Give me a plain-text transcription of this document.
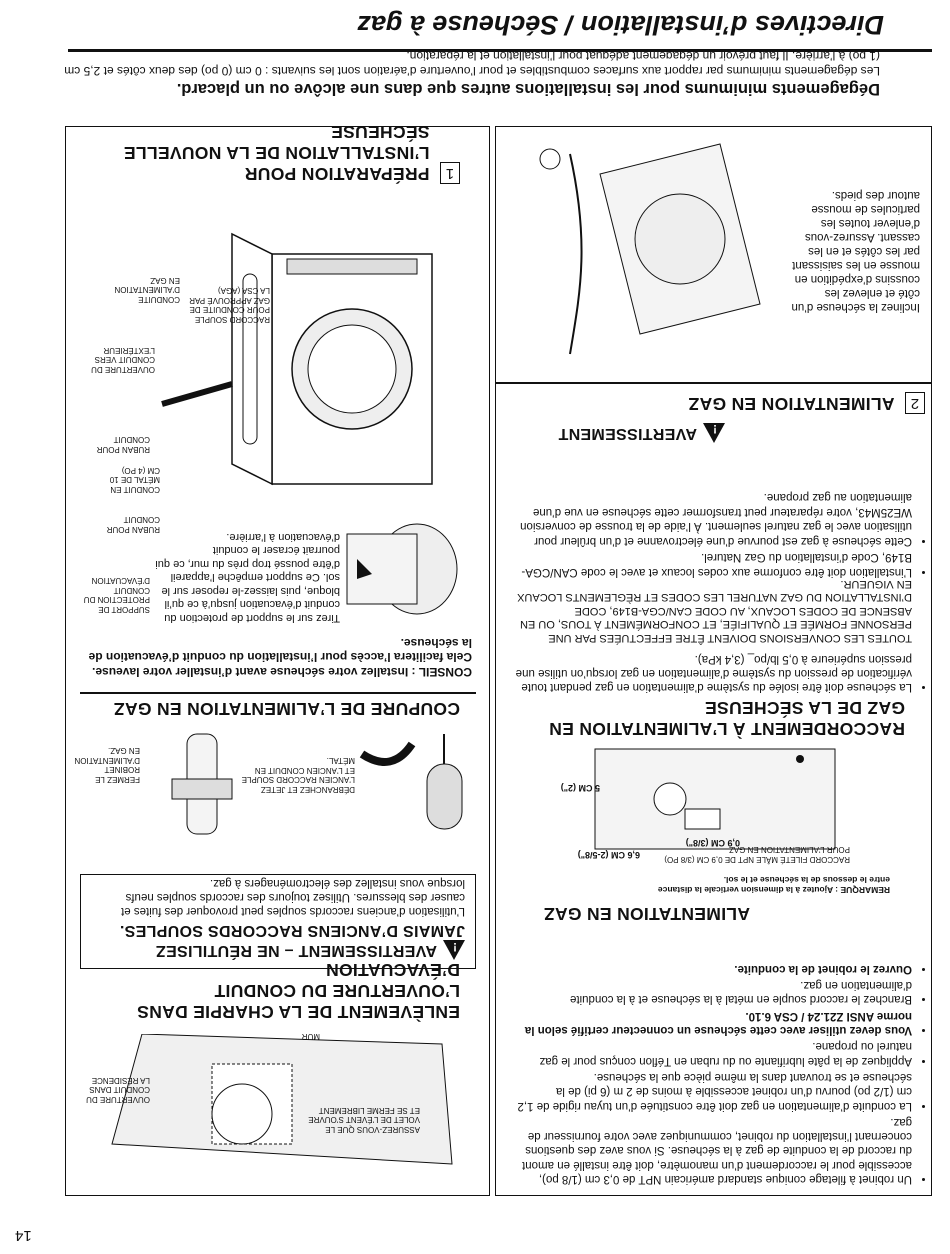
14
Directives d’installation / Sécheuse à gaz
Dégagements minimums pour les installations autres que dans une alcôve ou un placard.
Les dégagements minimums par rapport aux surfaces combustibles et pour l’ouverture d’aération sont les suivants : 0 cm (0 po) des deux côtés et 2,5 cm (1 po) à l’arrière. Il faut prévoir un dégagement adéquat pour l’installation et la réparation.
1 PRÉPARATION POUR L’INSTALLATION DE LA NOUVELLE SÉCHEUSE
OUVERTURE DU CONDUIT VERS L’EXTÉRIEUR
RACCORD SOUPLE POUR CONDUITE DE GAZ APPROUVÉ PAR LA CSA (AGA)
CONDUITE D’ALIMENTATION EN GAZ
RUBAN POUR CONDUIT
CONDUIT EN MÉTAL DE 10 CM (4 PO)
RUBAN POUR CONDUIT
Tirez sur le support de protection du conduit d’évacuation jusqu’à ce qu’il bloque, puis laissez-le reposer sur le sol. Ce support empêche l’appareil d’être poussé trop près du mur, ce qui pourrait écraser le conduit d’évacuation à l’arrière.
SUPPORT DE PROTECTION DU CONDUIT D’ÉVACUATION
CONSEIL : Installez votre sécheuse avant d’installer votre laveuse. Cela facilitera l’accès pour l’installation du conduit d’évacuation de la sécheuse.
COUPURE DE L’ALIMENTATION EN GAZ
DÉBRANCHEZ ET JETEZ L’ANCIEN RACCORD SOUPLE ET L’ANCIEN CONDUIT EN MÉTAL.
FERMEZ LE ROBINET D’ALIMENTATION EN GAZ.
!
AVERTISSEMENT – NE RÉUTILISEZ JAMAIS D’ANCIENS RACCORDS SOUPLES.
L’utilisation d’anciens raccords souples peut provoquer des fuites et causer des blessures. Utilisez toujours des raccords souples neufs lorsque vous installez des électroménagers à gaz.
ENLÈVEMENT DE LA CHARPIE DANS L’OUVERTURE DU CONDUIT D’ÉVACUATION
OUVERTURE DU CONDUIT DANS LA RÉSIDENCE
MUR
ASSUREZ-VOUS QUE LE VOLET DE L’ÉVENT S’OUVRE ET SE FERME LIBREMENT
Inclinez la sécheuse d’un côté et enlevez les coussins d’expédition en mousse en les saisissant par les côtés et en les cassant. Assurez-vous d’enlever toutes les particules de mousse autour des pieds.
2 ALIMENTATION EN GAZ
!
AVERTISSEMENT
• L’installation doit être conforme aux codes locaux et avec le code CAN/CGA-B149, Code d’installation du Gaz Naturel.
• Cette sécheuse à gaz est pourvue d’une électrovanne et d’un brûleur pour utilisation avec le gaz naturel seulement. À l’aide de la trousse de conversion WE25M43, votre réparateur peut transformer cette sécheuse en vue d’une alimentation au gaz propane.
TOUTES LES CONVERSIONS DOIVENT ÊTRE EFFECTUÉES PAR UNE PERSONNE FORMÉE ET QUALIFIÉE, ET CONFORMÉMENT À TOUS, OU EN ABSENCE DE CODES LOCAUX, AU CODE CAN/CGA-B149, CODE D’INSTALLATION DU GAZ NATUREL LES CODES ET RÈGLEMENTS LOCAUX EN VIGUEUR.
• La sécheuse doit être isolée du système d’alimentation en gaz pendant toute vérification de pression du système d’alimentation en gaz lorsqu’on utilise une pression supérieure à 0,5 lb/po_ (3,4 kPa).
RACCORDEMENT À L’ALIMENTATION EN GAZ DE LA SÉCHEUSE
5 CM (2")
6,6 CM (2-5/8")
0,9 CM (3/8")
RACCORD FILETÉ MÂLE NPT DE 0,9 CM (3/8 PO) POUR L’ALIMENTATION EN GAZ
REMARQUE : Ajoutez à la dimension verticale la distance entre le dessous de la sécheuse et le sol.
ALIMENTATION EN GAZ
• Un robinet à filetage conique standard américain NPT de 0,3 cm (1/8 po), accessible pour le raccordement d’un manomètre, doit être installé en amont du raccord de la conduite de gaz à la sécheuse. Si vous avez des questions concernant l’installation du robinet, communiquez avec votre fournisseur de gaz.
• La conduite d’alimentation en gaz doit être constituée d’un tuyau rigide de 1,2 cm (1/2 po) pourvu d’un robinet accessible à moins de 2 m (6 pi) de la sécheuse et se trouvant dans la même pièce que la sécheuse.
• Appliquez de la pâte lubrifiante ou du ruban en Téflon conçus pour le gaz naturel ou propane.
• Vous devez utiliser avec cette sécheuse un connecteur certifié selon la norme ANSI Z21.24 / CSA 6.10.
• Branchez le raccord souple en métal à la sécheuse et à la conduite d’alimentation en gaz.
• Ouvrez le robinet de la conduite.
